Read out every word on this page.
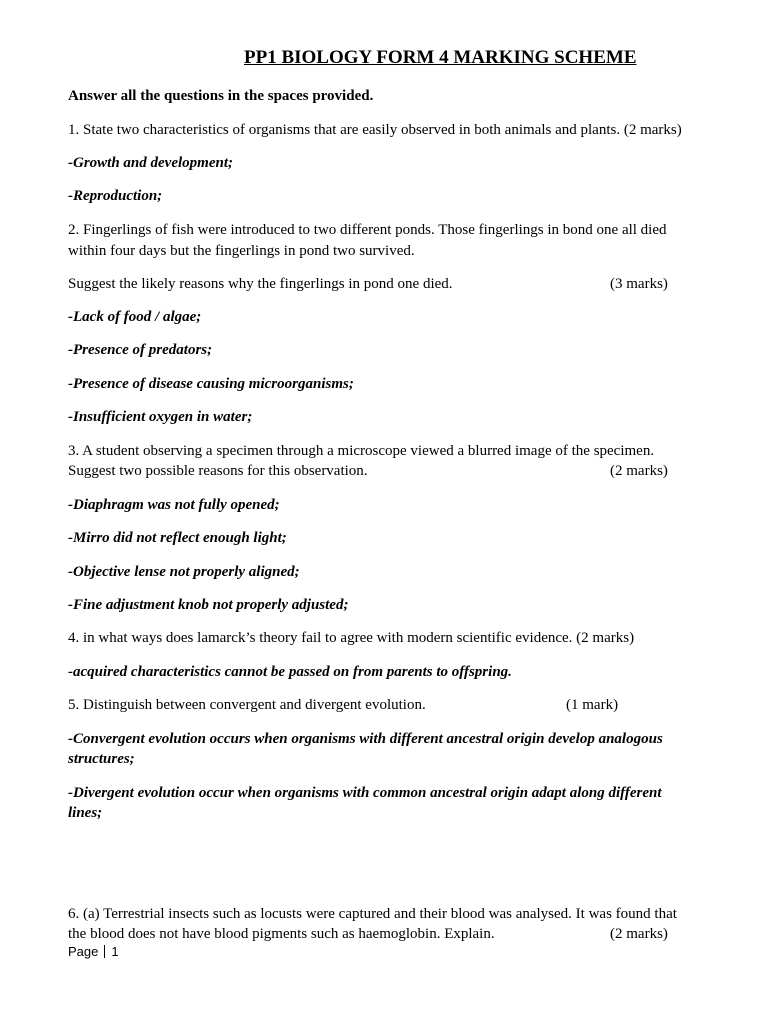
PP1 BIOLOGY FORM 4 MARKING SCHEME
Answer all the questions in the spaces provided.
1. State two characteristics of organisms that are easily observed in both animals and plants. (2 marks)
-Growth and development;
-Reproduction;
2. Fingerlings of fish were introduced to two different ponds. Those fingerlings in bond one all died
within four days but the fingerlings in pond two survived.
Suggest the likely reasons why the fingerlings in pond one died.	(3 marks)
-Lack of food / algae;
-Presence of predators;
-Presence of disease causing microorganisms;
-Insufficient oxygen in water;
3. A student observing a specimen through a microscope viewed a blurred image of the specimen.
Suggest two possible reasons for this observation.	(2 marks)
-Diaphragm was not fully opened;
-Mirro did not reflect enough light;
-Objective lense not properly aligned;
-Fine adjustment knob not properly adjusted;
4. in what ways does lamarck’s theory fail to agree with modern scientific evidence. (2 marks)
-acquired characteristics cannot be passed on from parents to offspring.
5. Distinguish between convergent and divergent evolution.	(1 mark)
-Convergent evolution occurs when organisms with different ancestral origin develop analogous structures;
-Divergent evolution occur when organisms with common ancestral origin adapt along different lines;
6. (a) Terrestrial insects such as locusts were captured and their blood was analysed. It was found that
the blood does not have blood pigments such as haemoglobin. Explain.	(2 marks)
Page 1
